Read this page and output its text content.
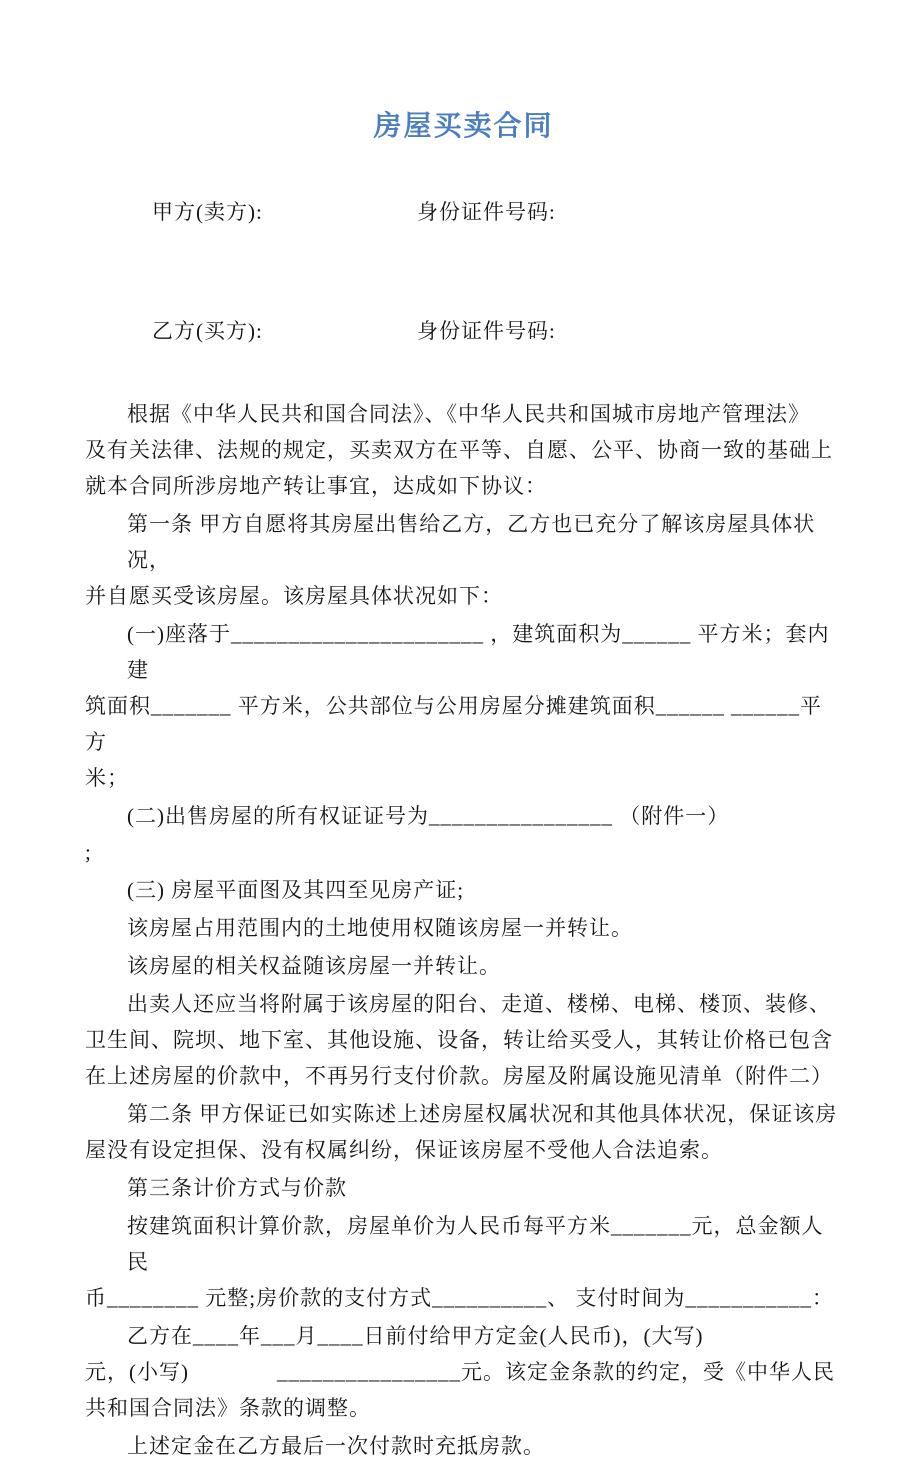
房屋买卖合同

甲方(卖方):	身份证件号码:

乙方(买方):	身份证件号码:

根据《中华人民共和国合同法》、《中华人民共和国城市房地产管理法》
及有关法律、法规的规定，买卖双方在平等、自愿、公平、协商一致的基础上
就本合同所涉房地产转让事宜，达成如下协议：
第一条 甲方自愿将其房屋出售给乙方，乙方也已充分了解该房屋具体状况，
并自愿买受该房屋。该房屋具体状况如下：
(一)座落于______________________ ，建筑面积为______ 平方米；套内建
筑面积_______ 平方米，公共部位与公用房屋分摊建筑面积______ ______平方
米；
(二)出售房屋的所有权证证号为________________ （附件一）
;
(三) 房屋平面图及其四至见房产证;
该房屋占用范围内的土地使用权随该房屋一并转让。
该房屋的相关权益随该房屋一并转让。
出卖人还应当将附属于该房屋的阳台、走道、楼梯、电梯、楼顶、装修、
卫生间、院坝、地下室、其他设施、设备，转让给买受人，其转让价格已包含
在上述房屋的价款中，不再另行支付价款。房屋及附属设施见清单（附件二）
第二条 甲方保证已如实陈述上述房屋权属状况和其他具体状况，保证该房
屋没有设定担保、没有权属纠纷，保证该房屋不受他人合法追索。
第三条计价方式与价款
按建筑面积计算价款，房屋单价为人民币每平方米_______元，总金额人民
币________ 元整;房价款的支付方式__________、 支付时间为___________：
乙方在____年___月____日前付给甲方定金(人民币)，(大写)
元，(小写)　　　　________________元。该定金条款的约定，受《中华人民
共和国合同法》条款的调整。
上述定金在乙方最后一次付款时充抵房款。
